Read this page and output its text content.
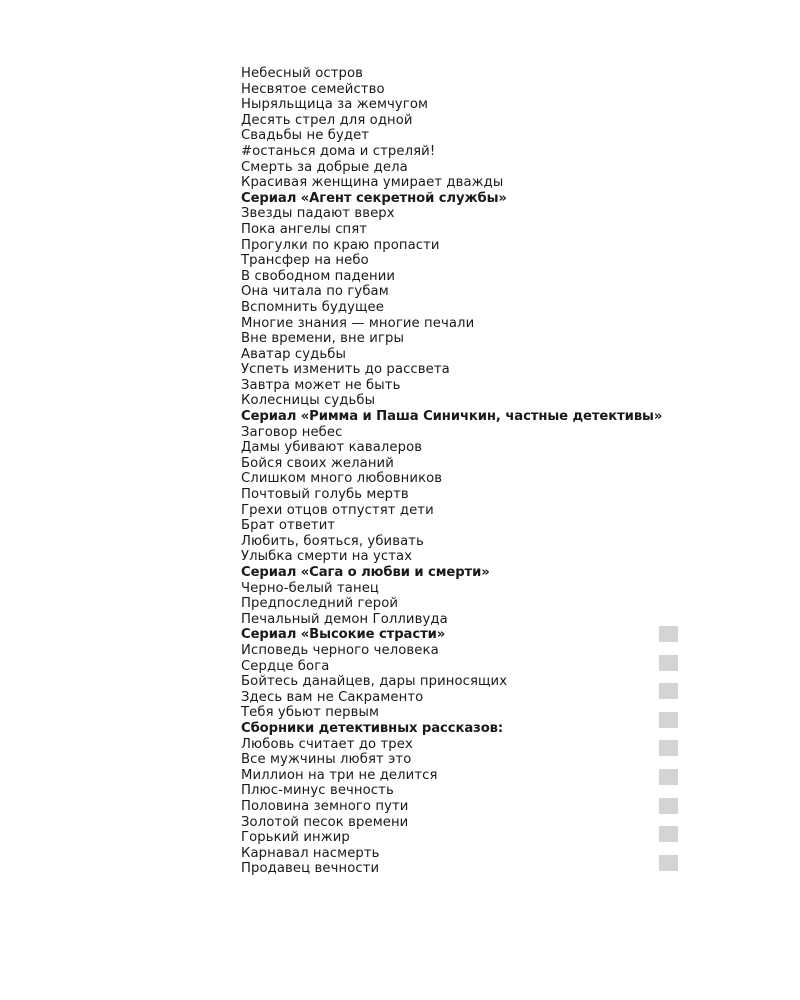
Небесный остров
Несвятое семейство
Ныряльщица за жемчугом
Десять стрел для одной
Свадьбы не будет
#останься дома и стреляй!
Смерть за добрые дела
Красивая женщина умирает дважды
Сериал «Агент секретной службы»
Звезды падают вверх
Пока ангелы спят
Прогулки по краю пропасти
Трансфер на небо
В свободном падении
Она читала по губам
Вспомнить будущее
Многие знания — многие печали
Вне времени, вне игры
Аватар судьбы
Успеть изменить до рассвета
Завтра может не быть
Колесницы судьбы
Сериал «Римма и Паша Синичкин, частные детективы»
Заговор небес
Дамы убивают кавалеров
Бойся своих желаний
Слишком много любовников
Почтовый голубь мертв
Грехи отцов отпустят дети
Брат ответит
Любить, бояться, убивать
Улыбка смерти на устах
Сериал «Сага о любви и смерти»
Черно-белый танец
Предпоследний герой
Печальный демон Голливуда
Сериал «Высокие страсти»
Исповедь черного человека
Сердце бога
Бойтесь данайцев, дары приносящих
Здесь вам не Сакраменто
Тебя убьют первым
Сборники детективных рассказов:
Любовь считает до трех
Все мужчины любят это
Миллион на три не делится
Плюс-минус вечность
Половина земного пути
Золотой песок времени
Горький инжир
Карнавал насмерть
Продавец вечности
